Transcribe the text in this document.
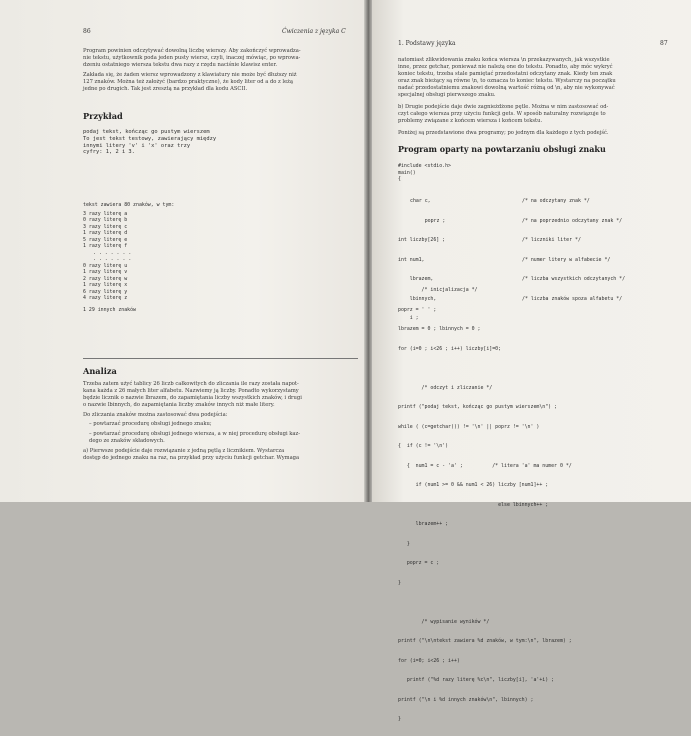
86	Ćwiczenia z języka C
Program powinien odczytywać dowolną liczbę wierszy. Aby zakończyć wprowadza-
nie tekstu, użytkownik poda jeden pusty wiersz, czyli, inaczej mówiąc, po wprowa-
dzeniu ostatniego wiersza tekstu dwa razy z rzędu naciśnie klawisz enter.
Zakłada się, że żaden wiersz wprowadzony z klawiatury nie może być dłuższy niż
127 znaków. Można też założyć (bardzo praktyczne), że kody liter od a do z leżą
jedne po drugich. Tak jest zresztą na przykład dla kodu ASCII.
Przykład
podaj tekst, kończąc go pustym wierszem
To jest tekst testowy, zawierający między
innymi litery 'v' i 'x' oraz trzy
cyfry: 1, 2 i 3.
tekst zawiera 80 znaków, w tym:
3 razy literę a
0 razy literę b
3 razy literę c
1 razy literę d
5 razy literę e
1 razy literę f
. . . . . . .
. . . . . . .
0 razy literę u
1 razy literę v
2 razy literę w
1 razy literę x
6 razy literę y
4 razy literę z
1 29 innych znaków
Analiza
Trzeba zatem użyć tablicy 26 liczb całkowitych do zliczania ile razy została napot-
kana każda z 26 małych liter alfabetu. Nazwiemy ją liczby. Ponadto wykorzystamy
będzie licznik o nazwie lbrazem, do zapamiętania liczby wszystkich znaków, i drugi
o nazwie lbinnych, do zapamiętania liczby znaków innych niż małe litery.
Do zliczania znaków można zastosować dwa podejścia:
– powtarzać procedurę obsługi jednego znaku;
– powtarzać procedurę obsługi jednego wiersza, a w niej procedurę obsługi kaz-
dego ze znaków składowych.
a) Pierwsze podejście daje rozwiązanie z jedną pętlą z licznikiem. Wystarcza
dostęp do jednego znaku na raz, na przykład przy użyciu funkcji getchar. Wymaga
1. Podstawy języka	87
natomiast zlikwidowania znaku końca wiersza \n przekazywanych, jak wszystkie
inne, przez getchar, ponieważ nie należą one do tekstu. Ponadto, aby móc wykryć
koniec tekstu, trzeba stale pamiętać przedostatni odczytany znak. Kiedy ten znak
oraz znak bieżący są równe \n, to oznacza to koniec tekstu. Wystarczy na początku
nadać przedostatniemu znakowi dowolną wartość różną od \n, aby nie wykonywać
specjalnej obsługi pierwszego znaku.
b) Drugie podejście daje dwie zagnieżdżone pętle. Można w nim zastosować od-
czyt całego wiersza przy użyciu funkcji gets. W sposób naturalny rozwiązuje to
problemy związane z końcem wiersza i końcem tekstu.
Poniżej są przedstawione dwa programy; po jednym dla każdego z tych podejść.
Program oparty na powtarzaniu obsługi znaku
#include <stdio.h>
main()
{

char c,	/* na odczytany znak */

poprz ;	/* na poprzednio odczytany znak */

int liczby[26] ;	/* liczniki liter */

int num1,	/* numer litery w alfabecie */

lbrazem,	/* liczba wszystkich odczytanych */

lbinnych,	/* liczba znaków spoza alfabetu */

i ;

/* inicjalizacja */

poprz = ' ' ;

lbrazem = 0 ; lbinnych = 0 ;

for (i=0 ; i<26 ; i++) liczby[i]=0;

/* odczyt i zliczanie */

printf ("podaj tekst, kończąc go pustym wierszem\n") ;

while ( (c=getchar()) != '\n' || poprz != '\n' )

{  if (c != '\n')

{  num1 = c - 'a' ;          /* litera 'a' ma numer 0 */

if (num1 >= 0 && num1 < 26) liczby [num1]++ ;

else lbinnych++ ;

lbrazem++ ;

}

poprz = c ;

}

/* wypisanie wyników */

printf ("\n\ntekst zawiera %d znaków, w tym:\n", lbrazem) ;

for (i=0; i<26 ; i++)

printf ("%d razy literę %c\n", liczby[i], 'a'+i) ;

printf ("\n i %d innych znaków\n", lbinnych) ;

}
